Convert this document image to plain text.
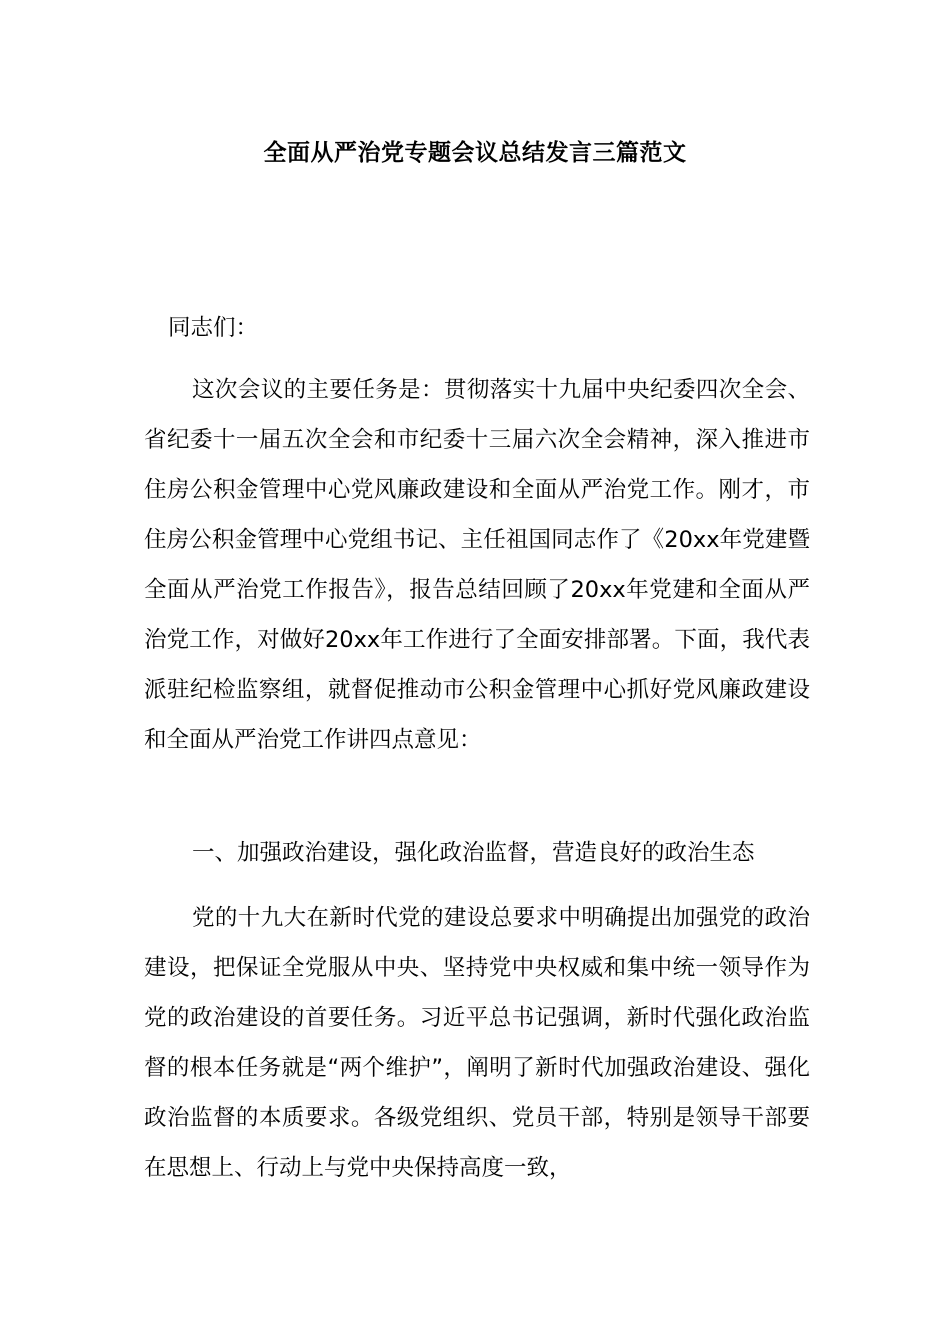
全面从严治党专题会议总结发言三篇范文

同志们：

这次会议的主要任务是：贯彻落实十九届中央纪委四次全会、省纪委十一届五次全会和市纪委十三届六次全会精神，深入推进市住房公积金管理中心党风廉政建设和全面从严治党工作。刚才，市住房公积金管理中心党组书记、主任祖国同志作了《20xx年党建暨全面从严治党工作报告》，报告总结回顾了20xx年党建和全面从严治党工作，对做好20xx年工作进行了全面安排部署。下面，我代表派驻纪检监察组，就督促推动市公积金管理中心抓好党风廉政建设和全面从严治党工作讲四点意见：

一、加强政治建设，强化政治监督，营造良好的政治生态

党的十九大在新时代党的建设总要求中明确提出加强党的政治建设，把保证全党服从中央、坚持党中央权威和集中统一领导作为党的政治建设的首要任务。习近平总书记强调，新时代强化政治监督的根本任务就是“两个维护”，阐明了新时代加强政治建设、强化政治监督的本质要求。各级党组织、党员干部，特别是领导干部要在思想上、行动上与党中央保持高度一致，
